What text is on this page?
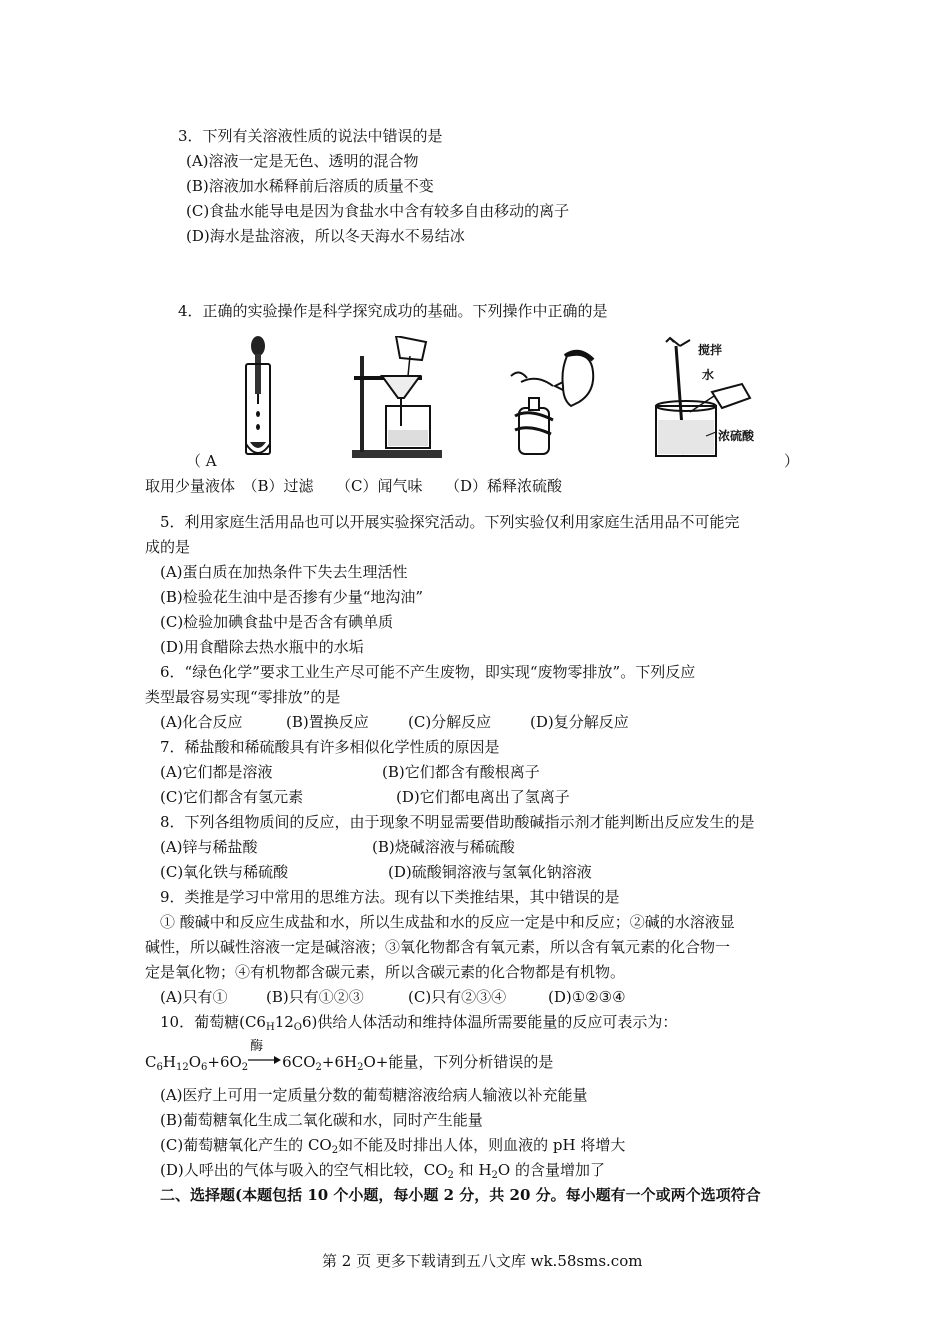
3．下列有关溶液性质的说法中错误的是
(A)溶液一定是无色、透明的混合物
(B)溶液加水稀释前后溶质的质量不变
(C)食盐水能导电是因为食盐水中含有较多自由移动的离子
(D)海水是盐溶液，所以冬天海水不易结冰
4．正确的实验操作是科学探究成功的基础。下列操作中正确的是
搅拌
水
浓硫酸
（ A	）
取用少量液体　（B）过滤　　（C）闻气味　　（D）稀释浓硫酸
5．利用家庭生活用品也可以开展实验探究活动。下列实验仅利用家庭生活用品不可能完
成的是
(A)蛋白质在加热条件下失去生理活性
(B)检验花生油中是否掺有少量“地沟油”
(C)检验加碘食盐中是否含有碘单质
(D)用食醋除去热水瓶中的水垢
6．“绿色化学”要求工业生产尽可能不产生废物，即实现“废物零排放”。下列反应
类型最容易实现“零排放”的是
(A)化合反应	(B)置换反应	(C)分解反应	(D)复分解反应
7．稀盐酸和稀硫酸具有许多相似化学性质的原因是
(A)它们都是溶液	(B)它们都含有酸根离子
(C)它们都含有氢元素	(D)它们都电离出了氢离子
8．下列各组物质间的反应，由于现象不明显需要借助酸碱指示剂才能判断出反应发生的是
(A)锌与稀盐酸	(B)烧碱溶液与稀硫酸
(C)氧化铁与稀硫酸	(D)硫酸铜溶液与氢氧化钠溶液
9．类推是学习中常用的思维方法。现有以下类推结果，其中错误的是
① 酸碱中和反应生成盐和水，所以生成盐和水的反应一定是中和反应；②碱的水溶液显
碱性，所以碱性溶液一定是碱溶液；③氧化物都含有氧元素，所以含有氧元素的化合物一
定是氧化物；④有机物都含碳元素，所以含碳元素的化合物都是有机物。
(A)只有①	(B)只有①②③	(C)只有②③④	(D)①②③④
10．葡萄糖$(C6_H12_O6)$供给人体活动和维持体温所需要能量的反应可表示为：
$C_6H_{12}O_6+6O_2$
酶
$6CO_2+6H_2O+$能量，下列分析错误的是
(A)医疗上可用一定质量分数的葡萄糖溶液给病人输液以补充能量
(B)葡萄糖氧化生成二氧化碳和水，同时产生能量
(C)葡萄糖氧化产生的 $CO_2$如不能及时排出人体，则血液的 pH 将增大
(D)人呼出的气体与吸入的空气相比较，$CO_2$ 和 $H_2O$ 的含量增加了
二、选择题(本题包括 10 个小题，每小题 2 分，共 20 分。每小题有一个或两个选项符合
第 2 页 更多下载请到五八文库 wk.58sms.com
